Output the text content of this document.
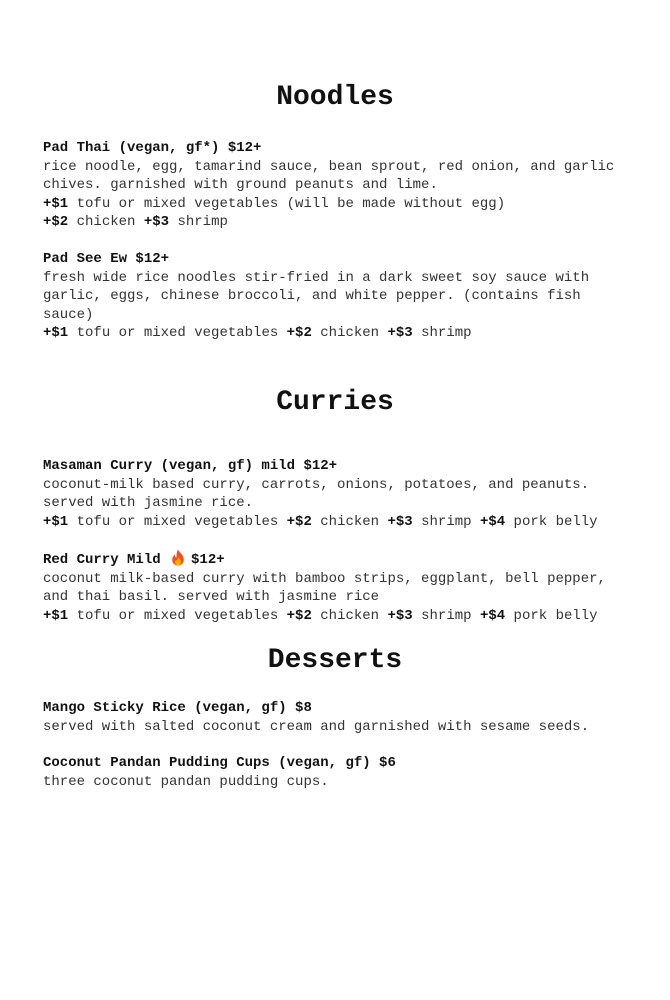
Noodles
Pad Thai (vegan, gf*) $12+
rice noodle, egg, tamarind sauce, bean sprout, red onion, and garlic
chives. garnished with ground peanuts and lime.
+$1 tofu or mixed vegetables (will be made without egg)
+$2 chicken +$3 shrimp
Pad See Ew $12+
fresh wide rice noodles stir-fried in a dark sweet soy sauce with
garlic, eggs, chinese broccoli, and white pepper. (contains fish
sauce)
+$1 tofu or mixed vegetables +$2 chicken +$3 shrimp
Curries
Masaman Curry (vegan, gf) mild $12+
coconut-milk based curry, carrots, onions, potatoes, and peanuts.
served with jasmine rice.
+$1 tofu or mixed vegetables +$2 chicken +$3 shrimp +$4 pork belly
Red Curry Mild $12+
coconut milk-based curry with bamboo strips, eggplant, bell pepper,
and thai basil. served with jasmine rice
+$1 tofu or mixed vegetables +$2 chicken +$3 shrimp +$4 pork belly
Desserts
Mango Sticky Rice (vegan, gf) $8
served with salted coconut cream and garnished with sesame seeds.
Coconut Pandan Pudding Cups (vegan, gf) $6
three coconut pandan pudding cups.
